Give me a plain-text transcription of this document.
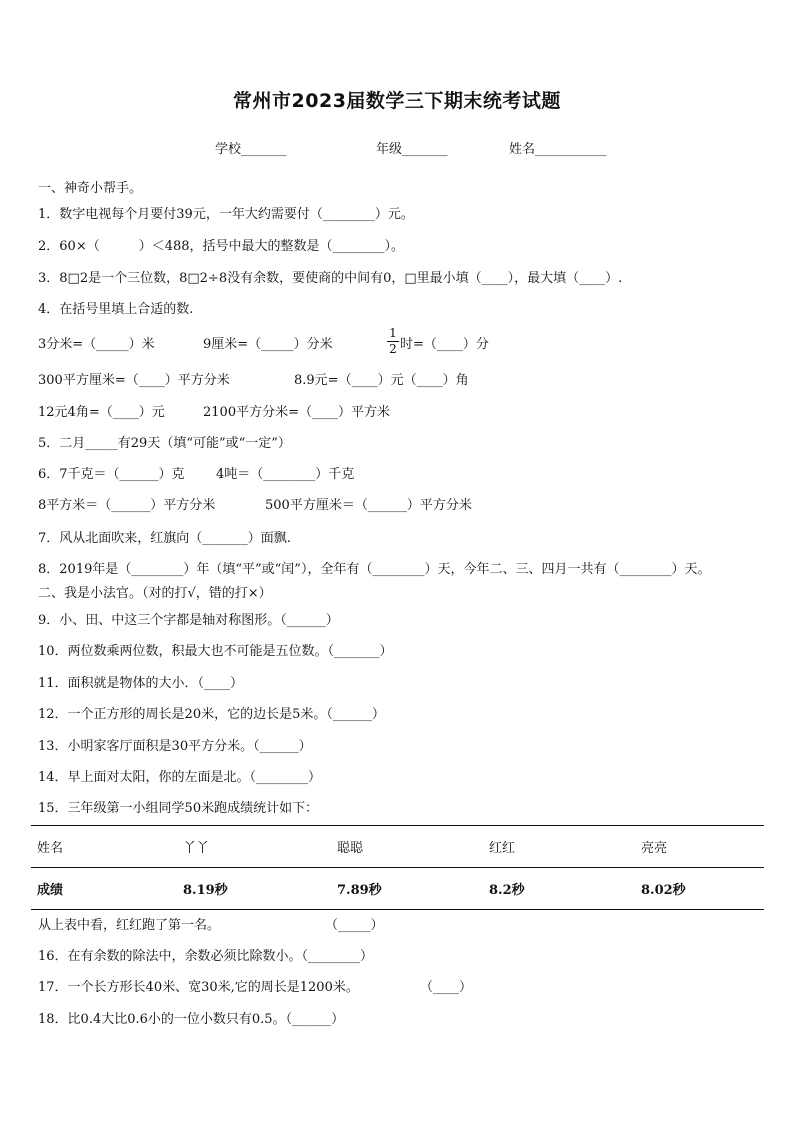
常州市2023届数学三下期末统考试题
学校_______	年级_______	姓名___________
一、神奇小帮手。
1．数字电视每个月要付39元，一年大约需要付（________）元。
2．60×（　　　）＜488，括号中最大的整数是（________）。
3．8□2是一个三位数，8□2÷8没有余数，要使商的中间有0，□里最小填（____），最大填（____）.
4．在括号里填上合适的数.
3分米=（_____）米	9厘米=（_____）分米	$\frac{1}{2}$ 时=（____）分
300平方厘米=（____）平方分米	8.9元=（____）元（____）角
12元4角=（____）元	2100平方分米=（____）平方米
5．二月_____有29天（填“可能”或“一定”）
6．7千克＝（______）克 4吨＝（________）千克
8平方米＝（______）平方分米	500平方厘米＝（______）平方分米
7．风从北面吹来，红旗向（_______）面飘.
8．2019年是（________）年（填“平”或“闰”），全年有（________）天，今年二、三、四月一共有（________）天。
二、我是小法官。（对的打√，错的打×）
9．小、田、中这三个字都是轴对称图形。（______）
10．两位数乘两位数，积最大也不可能是五位数。（_______）
11．面积就是物体的大小．（____）
12．一个正方形的周长是20米，它的边长是5米。（______）
13．小明家客厅面积是30平方分米。（______）
14．早上面对太阳，你的左面是北。（________）
15．三年级第一小组同学50米跑成绩统计如下：
姓名	丫丫	聪聪	红红	亮亮
成绩	8.19秒	7.89秒	8.2秒	8.02秒
从上表中看，红红跑了第一名。	（_____）
16．在有余数的除法中，余数必须比除数小。（________）
17．一个长方形长40米、宽30米,它的周长是1200米。	（____）
18．比0.4大比0.6小的一位小数只有0.5。（______）
